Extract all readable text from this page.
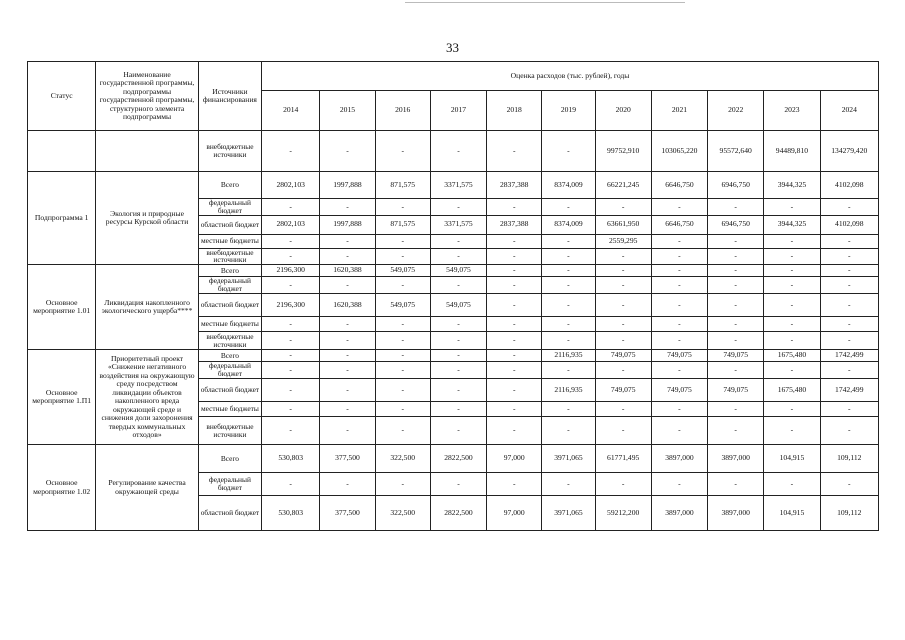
33
Статус	Наименование государственной программы, подпрограммы государственной программы, структурного элемента подпрограммы	Источники финансирования	Оценка расходов (тыс. рублей), годы										
			2014	2015	2016	2017	2018	2019	2020	2021	2022	2023	2024
		внебюджетные источники	-	-	-	-	-	-	99752,910	103065,220	95572,640	94489,810	134279,420
Подпрограмма 1	Экология и природные ресурсы Курской области	Всего	2802,103	1997,888	871,575	3371,575	2837,388	8374,009	66221,245	6646,750	6946,750	3944,325	4102,098
		федеральный бюджет	-	-	-	-	-	-	-	-	-	-	-
		областной бюджет	2802,103	1997,888	871,575	3371,575	2837,388	8374,009	63661,950	6646,750	6946,750	3944,325	4102,098
		местные бюджеты	-	-	-	-	-	-	2559,295	-	-	-	-
		внебюджетные источники	-	-	-	-	-	-	-	-	-	-	-
Основное мероприятие 1.01	Ликвидация накопленного экологического ущерба****	Всего	2196,300	1620,388	549,075	549,075	-	-	-	-	-	-	-
		федеральный бюджет	-	-	-	-	-	-	-	-	-	-	-
		областной бюджет	2196,300	1620,388	549,075	549,075	-	-	-	-	-	-	-
		местные бюджеты	-	-	-	-	-	-	-	-	-	-	-
		внебюджетные источники	-	-	-	-	-	-	-	-	-	-	-
Основное мероприятие 1.П1	Приоритетный проект «Снижение негативного воздействия на окружающую среду посредством ликвидации объектов накопленного вреда окружающей среде и снижения доли захоронения твердых коммунальных отходов»	Всего	-	-	-	-	-	2116,935	749,075	749,075	749,075	1675,480	1742,499
		федеральный бюджет	-	-	-	-	-	-	-	-	-	-	-
		областной бюджет	-	-	-	-	-	2116,935	749,075	749,075	749,075	1675,480	1742,499
		местные бюджеты	-	-	-	-	-	-	-	-	-	-	-
		внебюджетные источники	-	-	-	-	-	-	-	-	-	-	-
Основное мероприятие 1.02	Регулирование качества окружающей среды	Всего	530,803	377,500	322,500	2822,500	97,000	3971,065	61771,495	3897,000	3897,000	104,915	109,112
		федеральный бюджет	-	-	-	-	-	-	-	-	-	-	-
		областной бюджет	530,803	377,500	322,500	2822,500	97,000	3971,065	59212,200	3897,000	3897,000	104,915	109,112
